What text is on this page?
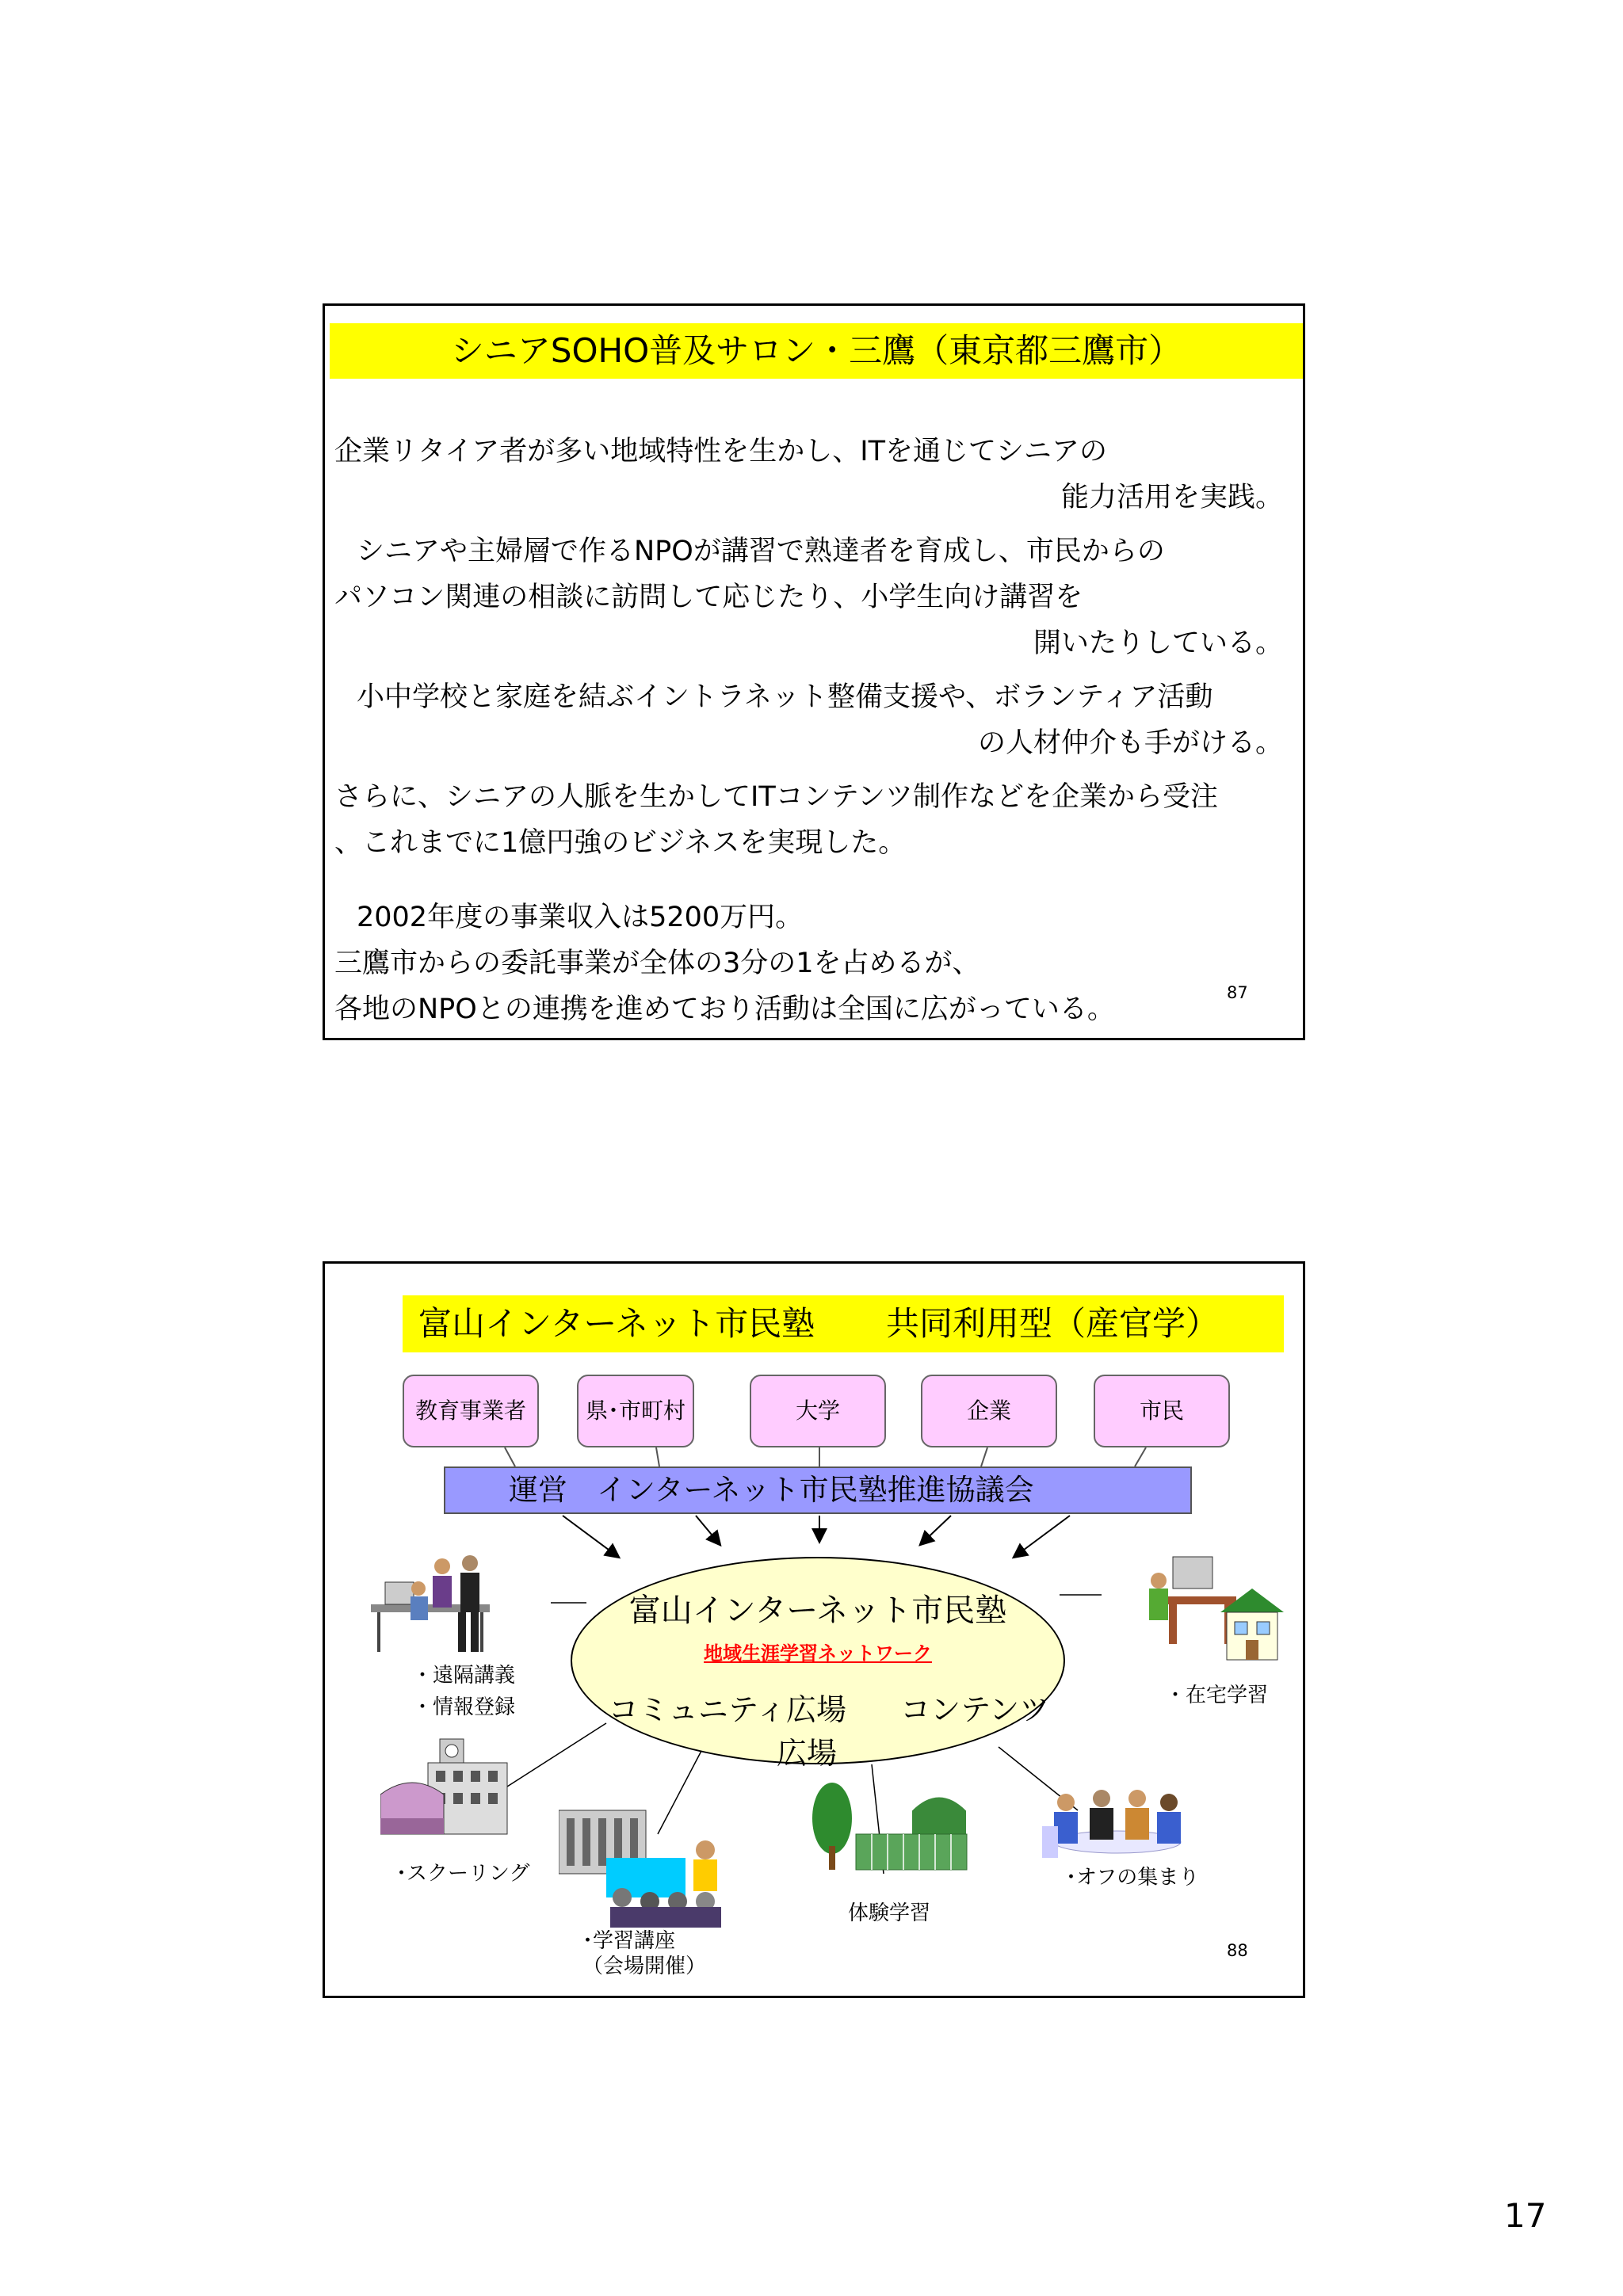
シニアSOHO普及サロン・三鷹（東京都三鷹市）

企業リタイア者が多い地域特性を生かし、ITを通じてシニアの

能力活用を実践。

シニアや主婦層で作るNPOが講習で熟達者を育成し、市民からの

パソコン関連の相談に訪問して応じたり、小学生向け講習を

開いたりしている。

小中学校と家庭を結ぶイントラネット整備支援や、ボランティア活動

の人材仲介も手がける。

さらに、シニアの人脈を生かしてITコンテンツ制作などを企業から受注

、これまでに1億円強のビジネスを実現した。

2002年度の事業収入は5200万円。

三鷹市からの委託事業が全体の3分の1を占めるが、

各地のNPOとの連携を進めており活動は全国に広がっている。

87
富山インターネット市民塾 共同利用型（産官学）
教育事業者	県･市町村	大学	企業	市民
運営　インターネット市民塾推進協議会
富山インターネット市民塾
地域生涯学習ネットワーク
コミュニティ広場 コンテンツ広場
・遠隔講義
・情報登録	・在宅学習
･スクーリング
･学習講座
（会場開催）
体験学習
･オフの集まり
88
17
